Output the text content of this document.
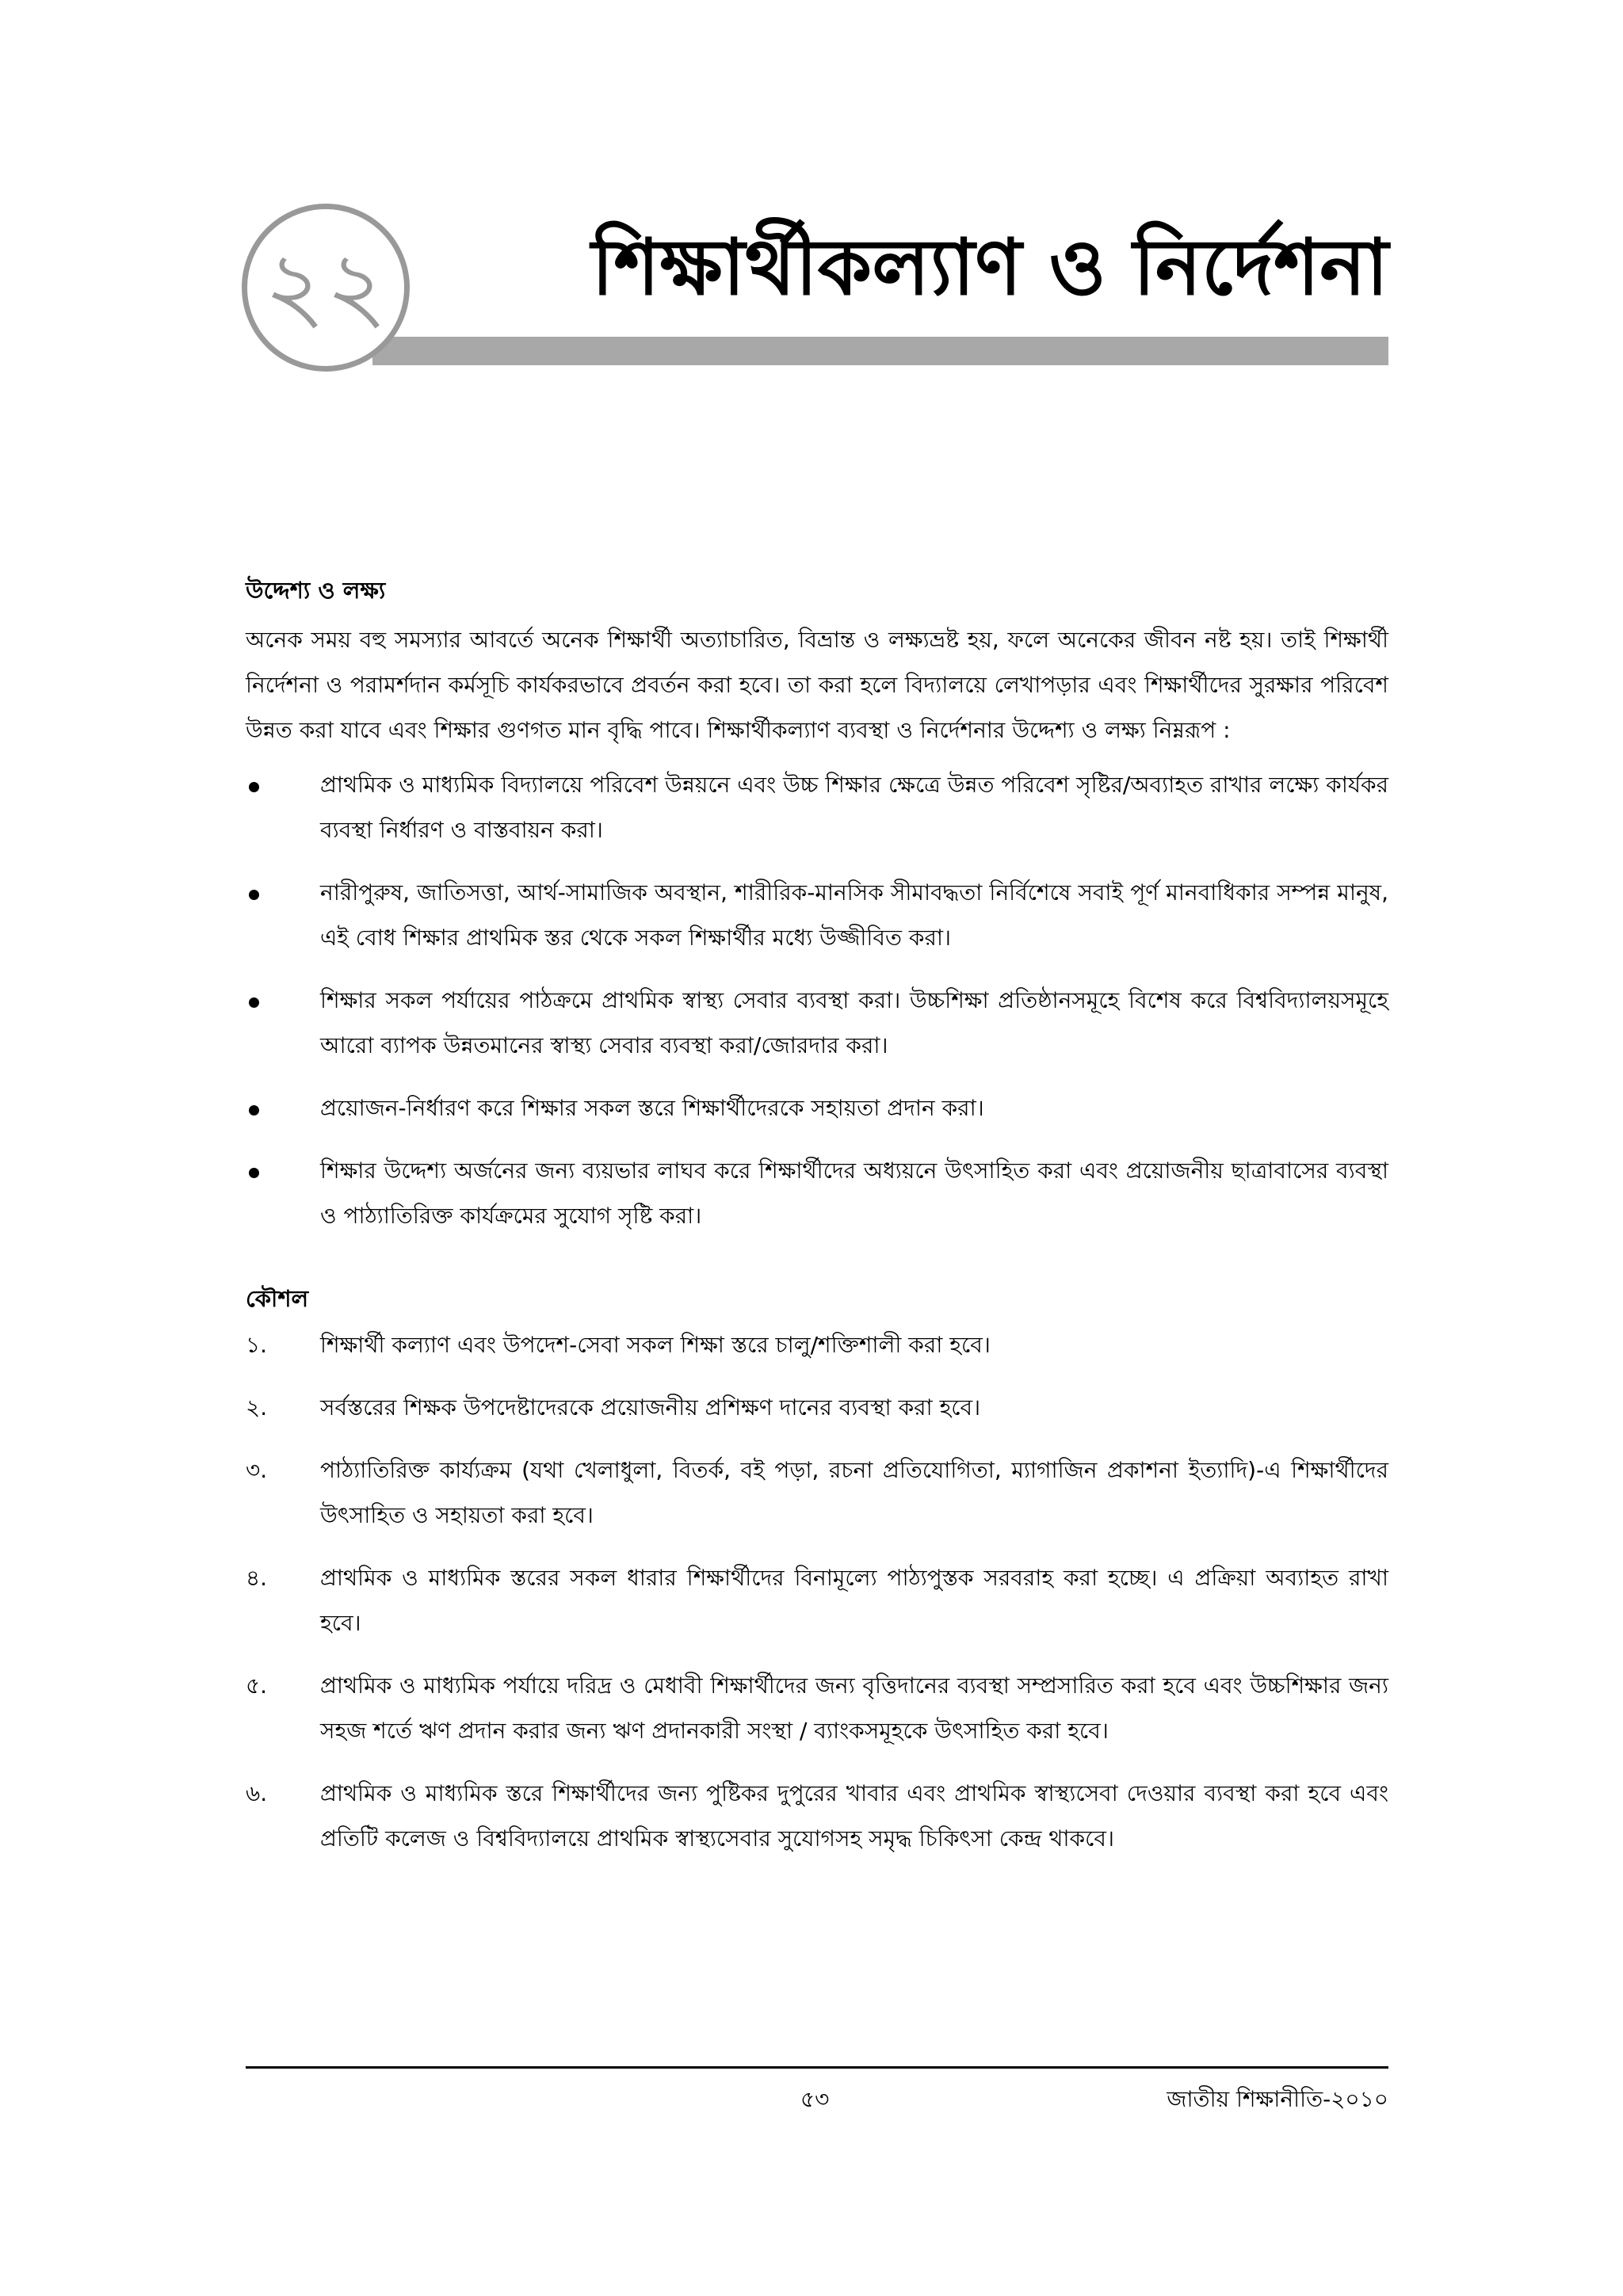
২২	শিক্ষার্থীকল্যাণ ও নির্দেশনা
উদ্দেশ্য ও লক্ষ্য

অনেক সময় বহু সমস্যার আবর্তে অনেক শিক্ষার্থী অত্যাচারিত, বিভ্রান্ত ও লক্ষ্যভ্রষ্ট হয়, ফলে অনেকের জীবন নষ্ট হয়। তাই শিক্ষার্থী নির্দেশনা ও পরামর্শদান কর্মসূচি কার্যকরভাবে প্রবর্তন করা হবে। তা করা হলে বিদ্যালয়ে লেখাপড়ার এবং শিক্ষার্থীদের সুরক্ষার পরিবেশ উন্নত করা যাবে এবং শিক্ষার গুণগত মান বৃদ্ধি পাবে। শিক্ষার্থীকল্যাণ ব্যবস্থা ও নির্দেশনার উদ্দেশ্য ও লক্ষ্য নিম্নরূপ :

প্রাথমিক ও মাধ্যমিক বিদ্যালয়ে পরিবেশ উন্নয়নে এবং উচ্চ শিক্ষার ক্ষেত্রে উন্নত পরিবেশ সৃষ্টির/অব্যাহত রাখার লক্ষ্যে কার্যকর ব্যবস্থা নির্ধারণ ও বাস্তবায়ন করা।
নারীপুরুষ, জাতিসত্তা, আর্থ-সামাজিক অবস্থান, শারীরিক-মানসিক সীমাবদ্ধতা নির্বিশেষে সবাই পূর্ণ মানবাধিকার সম্পন্ন মানুষ, এই বোধ শিক্ষার প্রাথমিক স্তর থেকে সকল শিক্ষার্থীর মধ্যে উজ্জীবিত করা।
শিক্ষার সকল পর্যায়ের পাঠক্রমে প্রাথমিক স্বাস্থ্য সেবার ব্যবস্থা করা। উচ্চশিক্ষা প্রতিষ্ঠানসমূহে বিশেষ করে বিশ্ববিদ্যালয়সমূহে আরো ব্যাপক উন্নতমানের স্বাস্থ্য সেবার ব্যবস্থা করা/জোরদার করা।
প্রয়োজন-নির্ধারণ করে শিক্ষার সকল স্তরে শিক্ষার্থীদেরকে সহায়তা প্রদান করা।
শিক্ষার উদ্দেশ্য অর্জনের জন্য ব্যয়ভার লাঘব করে শিক্ষার্থীদের অধ্যয়নে উৎসাহিত করা এবং প্রয়োজনীয় ছাত্রাবাসের ব্যবস্থা ও পাঠ্যাতিরিক্ত কার্যক্রমের সুযোগ সৃষ্টি করা।
কৌশল
১.	শিক্ষার্থী কল্যাণ এবং উপদেশ-সেবা সকল শিক্ষা স্তরে চালু/শক্তিশালী করা হবে।
২.	সর্বস্তরের শিক্ষক উপদেষ্টাদেরকে প্রয়োজনীয় প্রশিক্ষণ দানের ব্যবস্থা করা হবে।
৩.	পাঠ্যাতিরিক্ত কার্য্যক্রম (যথা খেলাধুলা, বিতর্ক, বই পড়া, রচনা প্রতিযোগিতা, ম্যাগাজিন প্রকাশনা ইত্যাদি)-এ শিক্ষার্থীদের উৎসাহিত ও সহায়তা করা হবে।
৪.	প্রাথমিক ও মাধ্যমিক স্তরের সকল ধারার শিক্ষার্থীদের বিনামূল্যে পাঠ্যপুস্তক সরবরাহ করা হচ্ছে। এ প্রক্রিয়া অব্যাহত রাখা হবে।
৫.	প্রাথমিক ও মাধ্যমিক পর্যায়ে দরিদ্র ও মেধাবী শিক্ষার্থীদের জন্য বৃত্তিদানের ব্যবস্থা সম্প্রসারিত করা হবে এবং উচ্চশিক্ষার জন্য সহজ শর্তে ঋণ প্রদান করার জন্য ঋণ প্রদানকারী সংস্থা / ব্যাংকসমূহকে উৎসাহিত করা হবে।
৬.	প্রাথমিক ও মাধ্যমিক স্তরে শিক্ষার্থীদের জন্য পুষ্টিকর দুপুরের খাবার এবং প্রাথমিক স্বাস্থ্যসেবা দেওয়ার ব্যবস্থা করা হবে এবং প্রতিটি কলেজ ও বিশ্ববিদ্যালয়ে প্রাথমিক স্বাস্থ্যসেবার সুযোগসহ সমৃদ্ধ চিকিৎসা কেন্দ্র থাকবে।
৫৩	জাতীয় শিক্ষানীতি-২০১০
